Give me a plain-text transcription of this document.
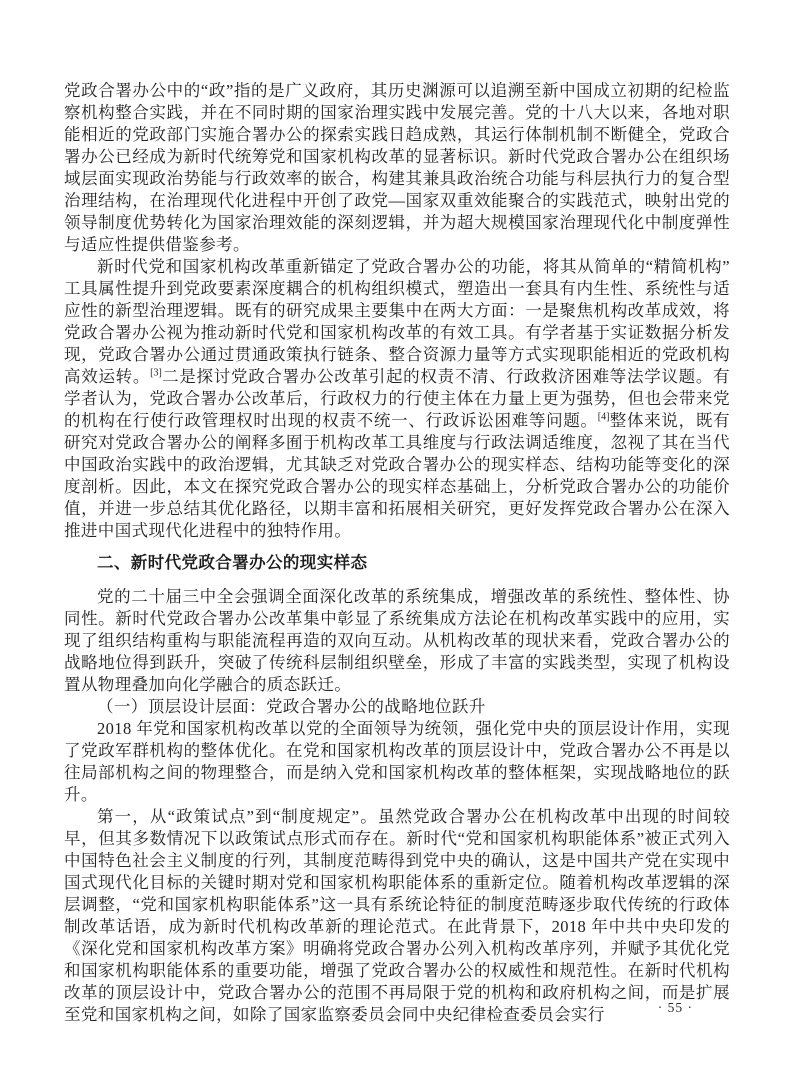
党政合署办公中的“政”指的是广义政府，其历史渊源可以追溯至新中国成立初期的纪检监察机构整合实践，并在不同时期的国家治理实践中发展完善。党的十八大以来，各地对职能相近的党政部门实施合署办公的探索实践日趋成熟，其运行体制机制不断健全，党政合署办公已经成为新时代统筹党和国家机构改革的显著标识。新时代党政合署办公在组织场域层面实现政治势能与行政效率的嵌合，构建其兼具政治统合功能与科层执行力的复合型治理结构，在治理现代化进程中开创了政党—国家双重效能聚合的实践范式，映射出党的领导制度优势转化为国家治理效能的深刻逻辑，并为超大规模国家治理现代化中制度弹性与适应性提供借鉴参考。

新时代党和国家机构改革重新锚定了党政合署办公的功能，将其从简单的“精简机构”工具属性提升到党政要素深度耦合的机构组织模式，塑造出一套具有内生性、系统性与适应性的新型治理逻辑。既有的研究成果主要集中在两大方面：一是聚焦机构改革成效，将党政合署办公视为推动新时代党和国家机构改革的有效工具。有学者基于实证数据分析发现，党政合署办公通过贯通政策执行链条、整合资源力量等方式实现职能相近的党政机构高效运转。[3]二是探讨党政合署办公改革引起的权责不清、行政救济困难等法学议题。有学者认为，党政合署办公改革后，行政权力的行使主体在力量上更为强势，但也会带来党的机构在行使行政管理权时出现的权责不统一、行政诉讼困难等问题。[4]整体来说，既有研究对党政合署办公的阐释多囿于机构改革工具维度与行政法调适维度，忽视了其在当代中国政治实践中的政治逻辑，尤其缺乏对党政合署办公的现实样态、结构功能等变化的深度剖析。因此，本文在探究党政合署办公的现实样态基础上，分析党政合署办公的功能价值，并进一步总结其优化路径，以期丰富和拓展相关研究，更好发挥党政合署办公在深入推进中国式现代化进程中的独特作用。

二、新时代党政合署办公的现实样态

党的二十届三中全会强调全面深化改革的系统集成，增强改革的系统性、整体性、协同性。新时代党政合署办公改革集中彰显了系统集成方法论在机构改革实践中的应用，实现了组织结构重构与职能流程再造的双向互动。从机构改革的现状来看，党政合署办公的战略地位得到跃升，突破了传统科层制组织壁垒，形成了丰富的实践类型，实现了机构设置从物理叠加向化学融合的质态跃迁。

（一）顶层设计层面：党政合署办公的战略地位跃升

2018 年党和国家机构改革以党的全面领导为统领，强化党中央的顶层设计作用，实现了党政军群机构的整体优化。在党和国家机构改革的顶层设计中，党政合署办公不再是以往局部机构之间的物理整合，而是纳入党和国家机构改革的整体框架，实现战略地位的跃升。

第一，从“政策试点”到“制度规定”。虽然党政合署办公在机构改革中出现的时间较早，但其多数情况下以政策试点形式而存在。新时代“党和国家机构职能体系”被正式列入中国特色社会主义制度的行列，其制度范畴得到党中央的确认，这是中国共产党在实现中国式现代化目标的关键时期对党和国家机构职能体系的重新定位。随着机构改革逻辑的深层调整，“党和国家机构职能体系”这一具有系统论特征的制度范畴逐步取代传统的行政体制改革话语，成为新时代机构改革新的理论范式。在此背景下，2018 年中共中央印发的《深化党和国家机构改革方案》明确将党政合署办公列入机构改革序列，并赋予其优化党和国家机构职能体系的重要功能，增强了党政合署办公的权威性和规范性。在新时代机构改革的顶层设计中，党政合署办公的范围不再局限于党的机构和政府机构之间，而是扩展至党和国家机构之间，如除了国家监察委员会同中央纪律检查委员会实行	· 55 ·
